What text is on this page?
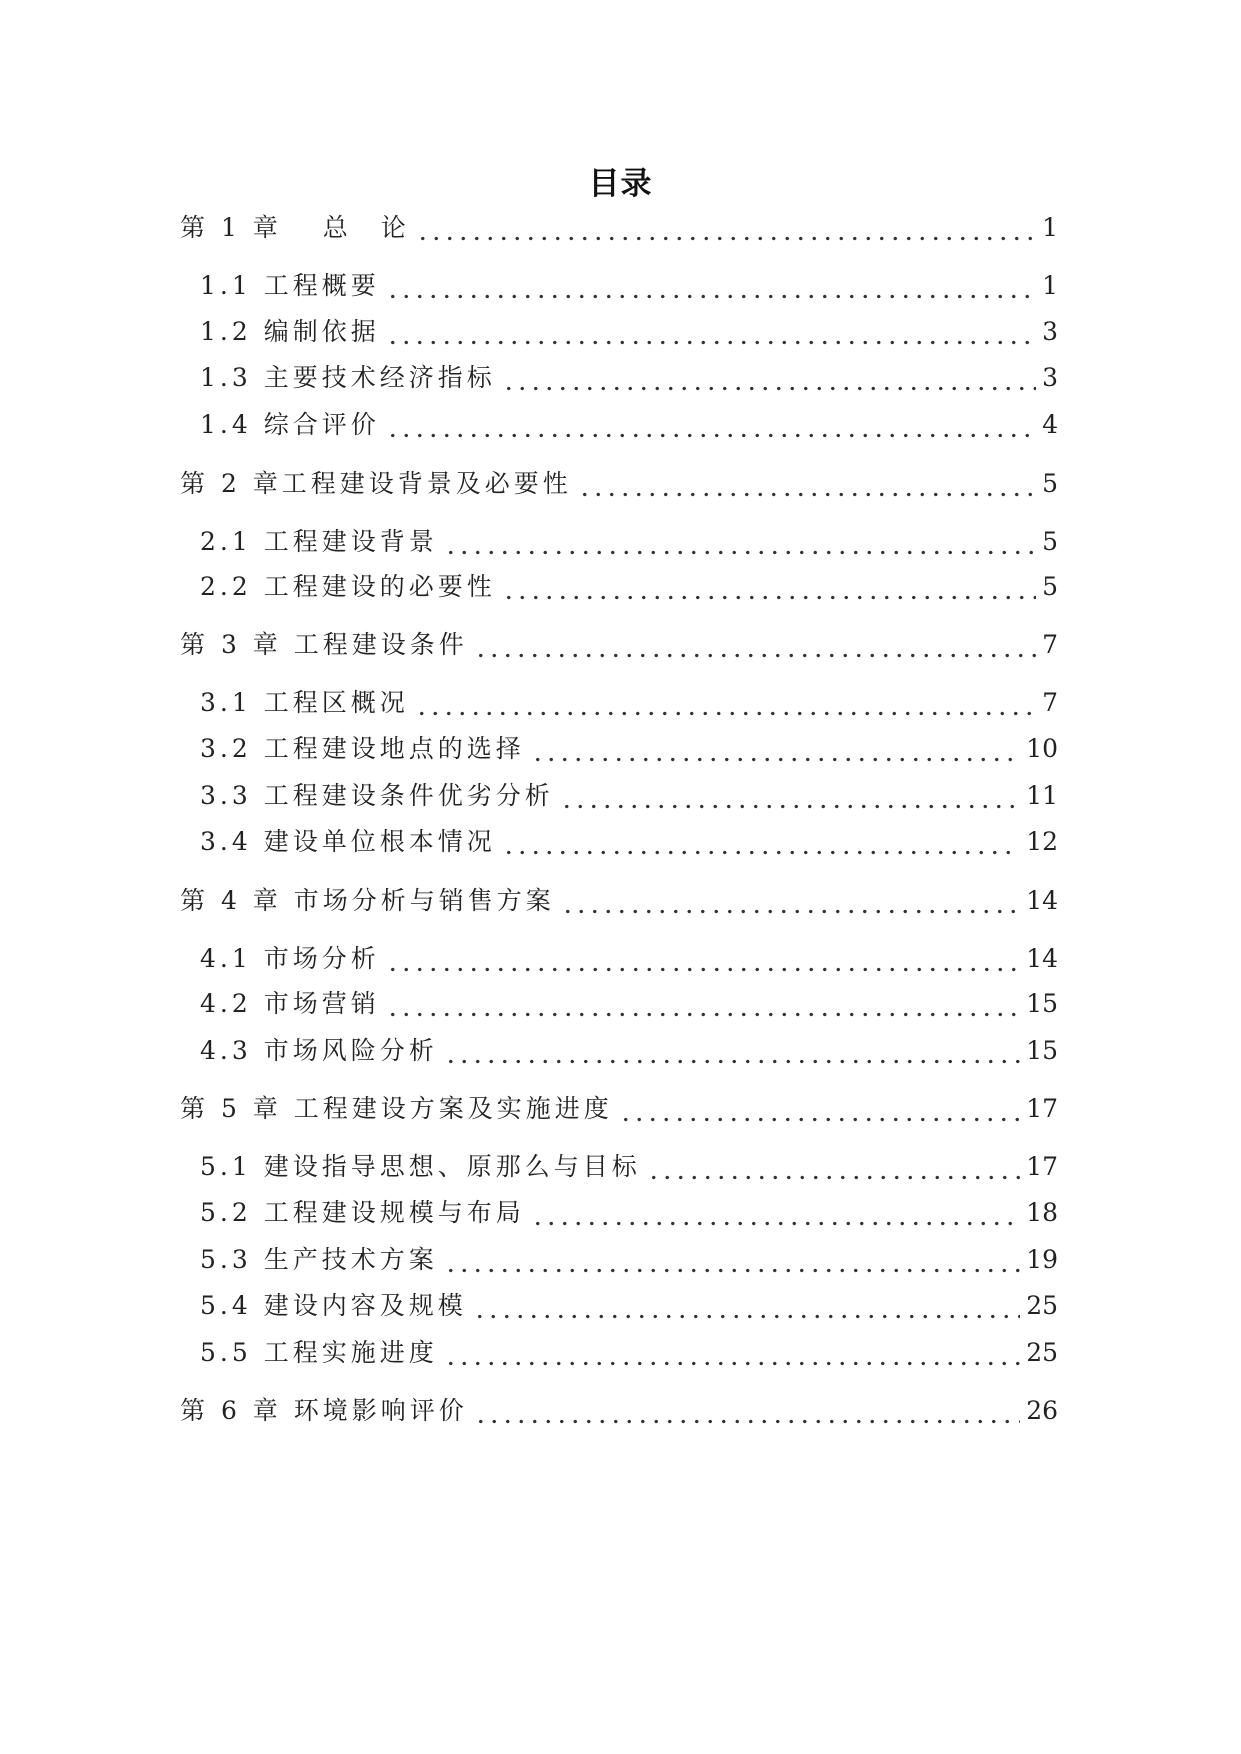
目录
第 1 章　 总　论	1
1.1 工程概要	1
1.2 编制依据	3
1.3 主要技术经济指标	3
1.4 综合评价	4
第 2 章工程建设背景及必要性	5
2.1 工程建设背景	5
2.2 工程建设的必要性	5
第 3 章 工程建设条件	7
3.1 工程区概况	7
3.2 工程建设地点的选择	10
3.3 工程建设条件优劣分析	11
3.4 建设单位根本情况	12
第 4 章 市场分析与销售方案	14
4.1 市场分析	14
4.2 市场营销	15
4.3 市场风险分析	15
第 5 章 工程建设方案及实施进度	17
5.1 建设指导思想、原那么与目标	17
5.2 工程建设规模与布局	18
5.3 生产技术方案	19
5.4 建设内容及规模	25
5.5 工程实施进度	25
第 6 章 环境影响评价	26
